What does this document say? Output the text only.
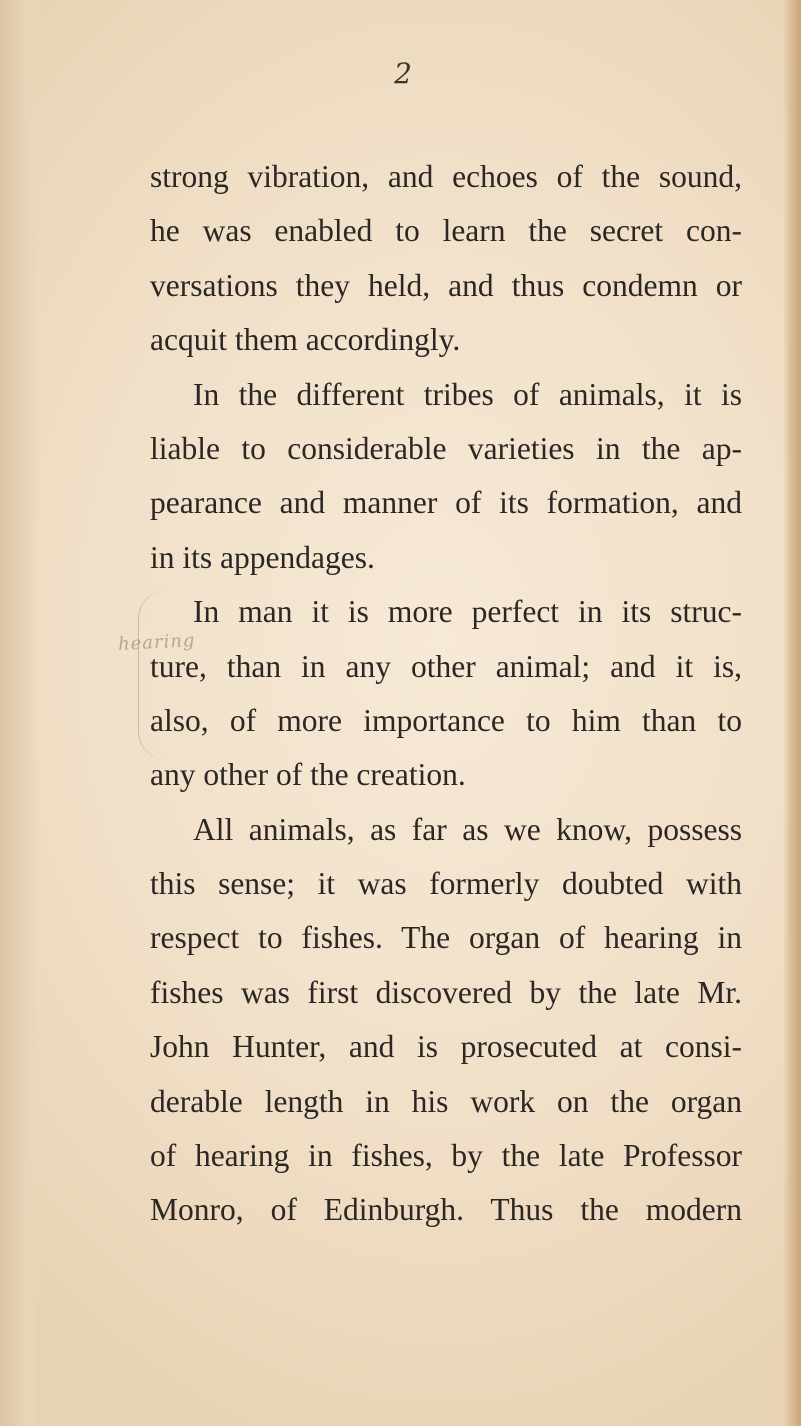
2
hearing
strong vibration, and echoes of the sound,
he was enabled to learn the secret con-
versations they held, and thus condemn or
acquit them accordingly.
In the different tribes of animals, it is
liable to considerable varieties in the ap-
pearance and manner of its formation, and
in its appendages.
In man it is more perfect in its struc-
ture, than in any other animal; and it is,
also, of more importance to him than to
any other of the creation.
All animals, as far as we know, possess
this sense; it was formerly doubted with
respect to fishes. The organ of hearing in
fishes was first discovered by the late Mr.
John Hunter, and is prosecuted at consi-
derable length in his work on the organ
of hearing in fishes, by the late Professor
Monro, of Edinburgh. Thus the modern
